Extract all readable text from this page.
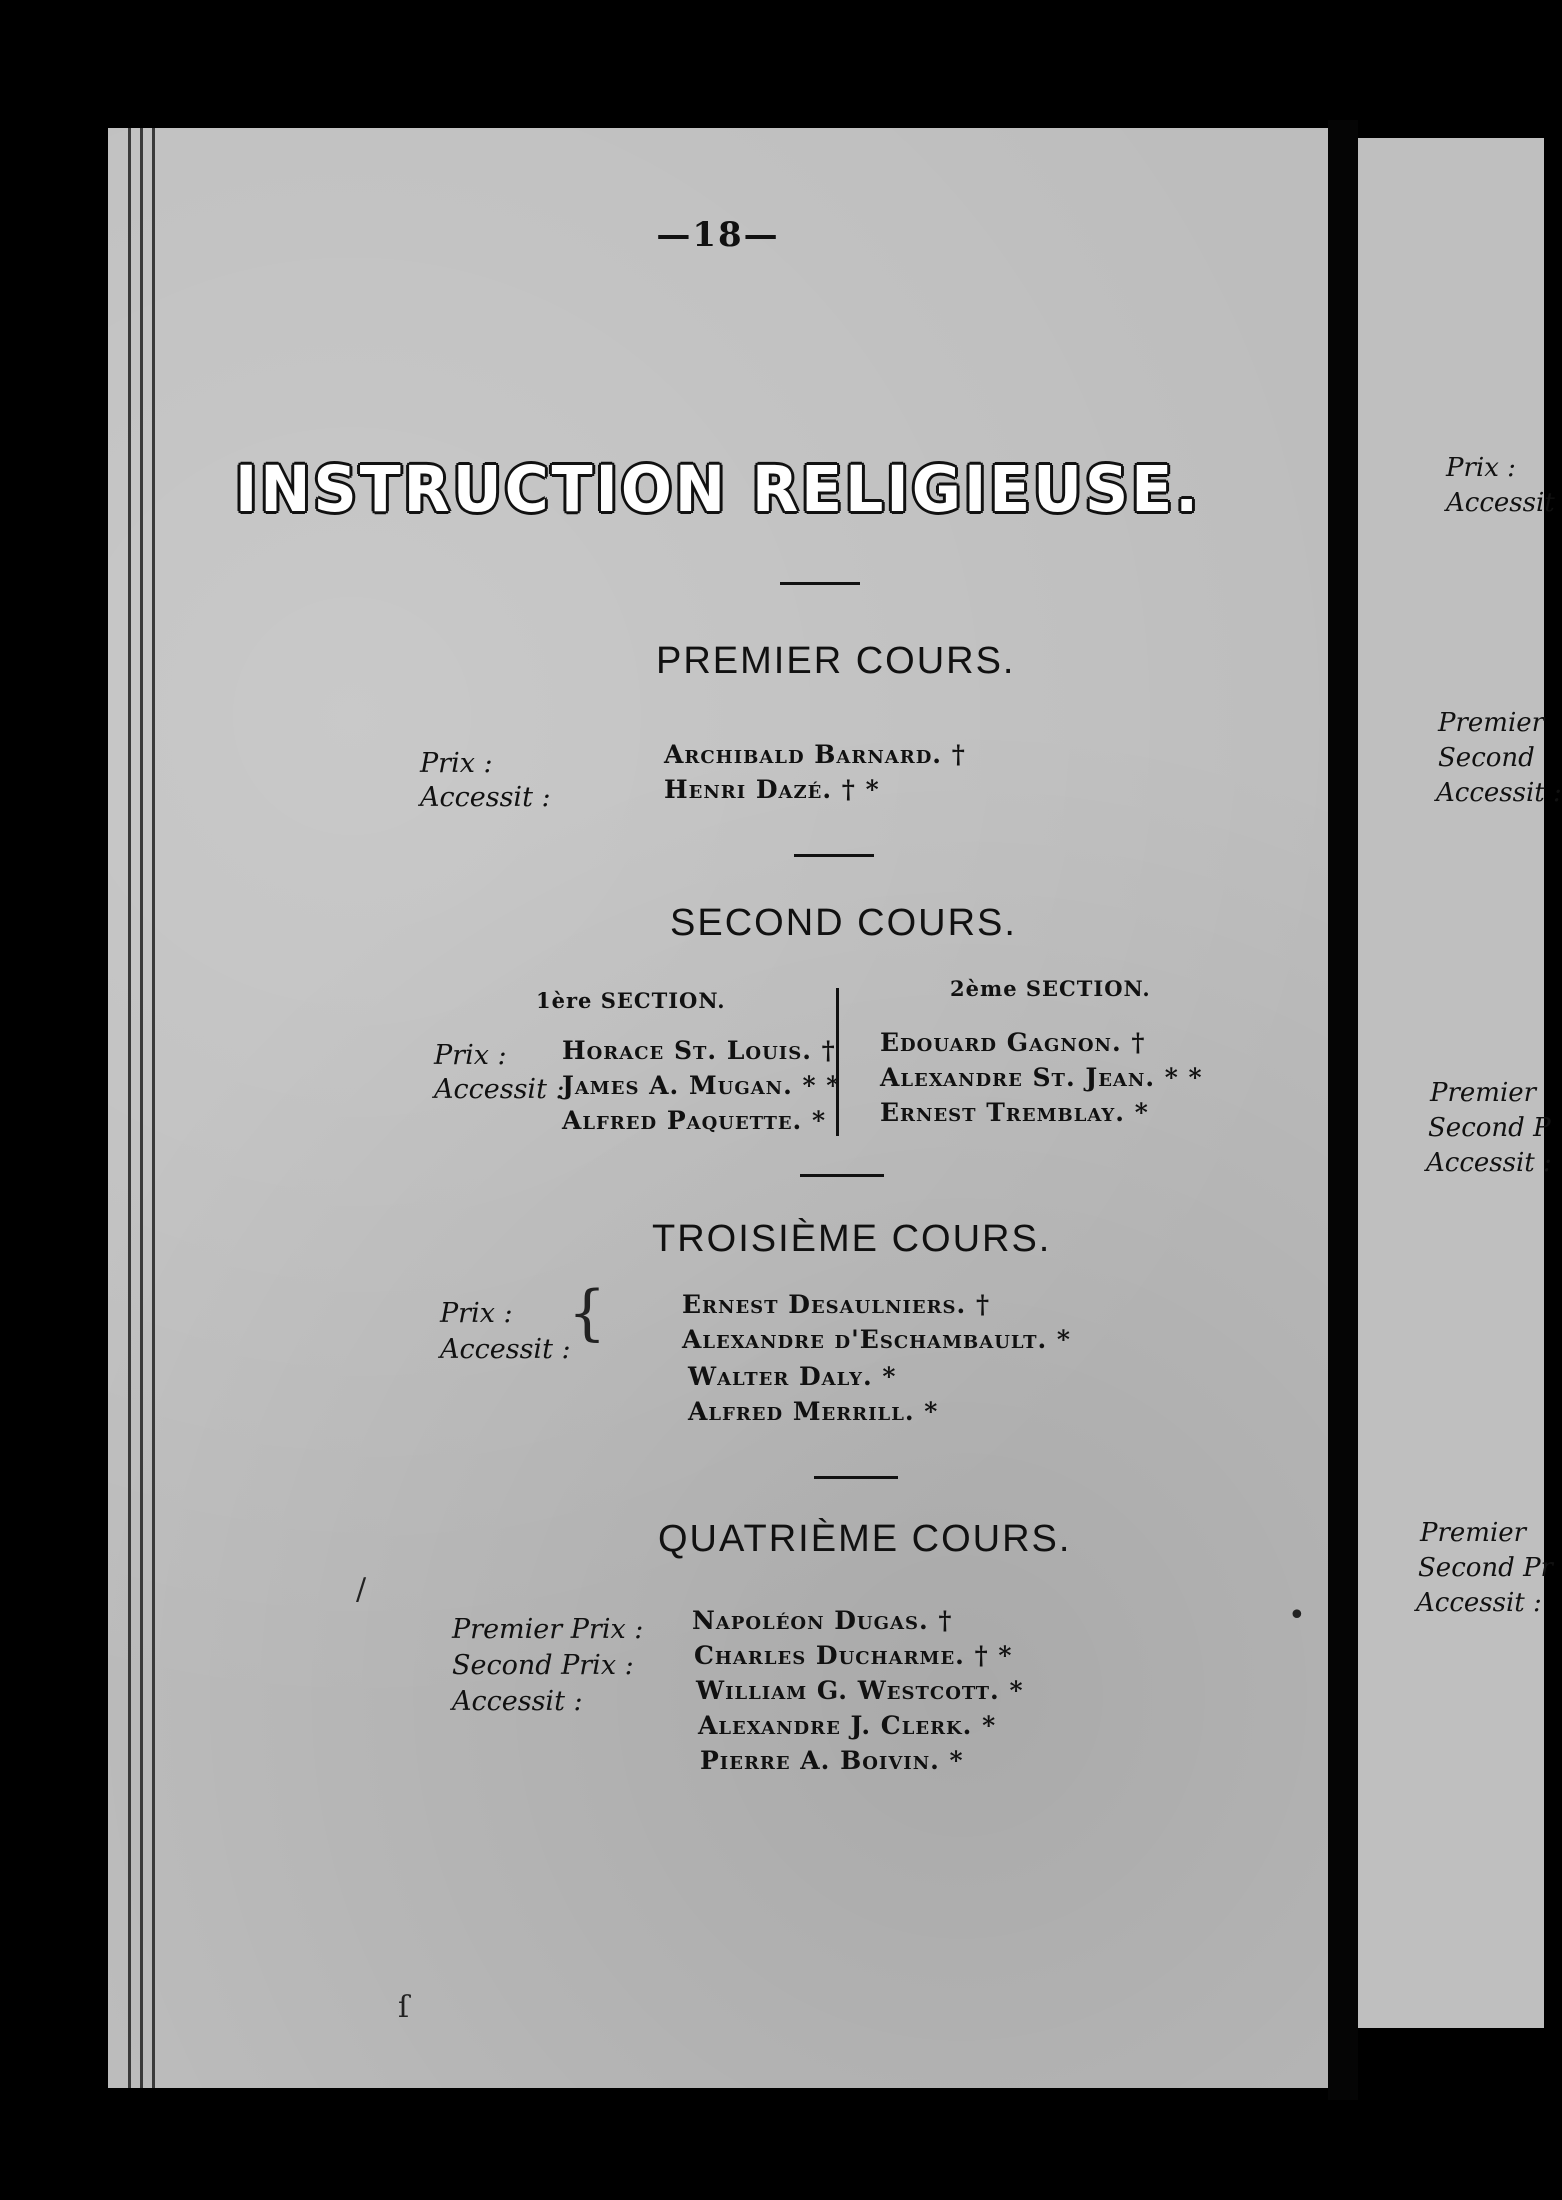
Prix :
Accessit
Premier
Second
Accessit :
Premier
Second P
Accessit :
Premier
Second Pr
Accessit :
—18—
INSTRUCTION RELIGIEUSE.
PREMIER COURS.
Prix :
Accessit :
Archibald Barnard. †
Henri Dazé. † *
SECOND COURS.
1ère SECTION.	2ème SECTION.
Prix :
Accessit :
Horace St. Louis. †
James A. Mugan. * *
Alfred Paquette. *
Edouard Gagnon. †
Alexandre St. Jean. * *
Ernest Tremblay. *
TROISIÈME COURS.
Prix :
Accessit :
{	Ernest Desaulniers. †
Alexandre d'Eschambault. *
Walter Daly. *
Alfred Merrill. *
QUATRIÈME COURS.
Premier Prix :
Second Prix :
Accessit :
Napoléon Dugas. †
Charles Ducharme. † *
William G. Westcott. *
Alexandre J. Clerk. *
Pierre A. Boivin. *
/
•
ſ
